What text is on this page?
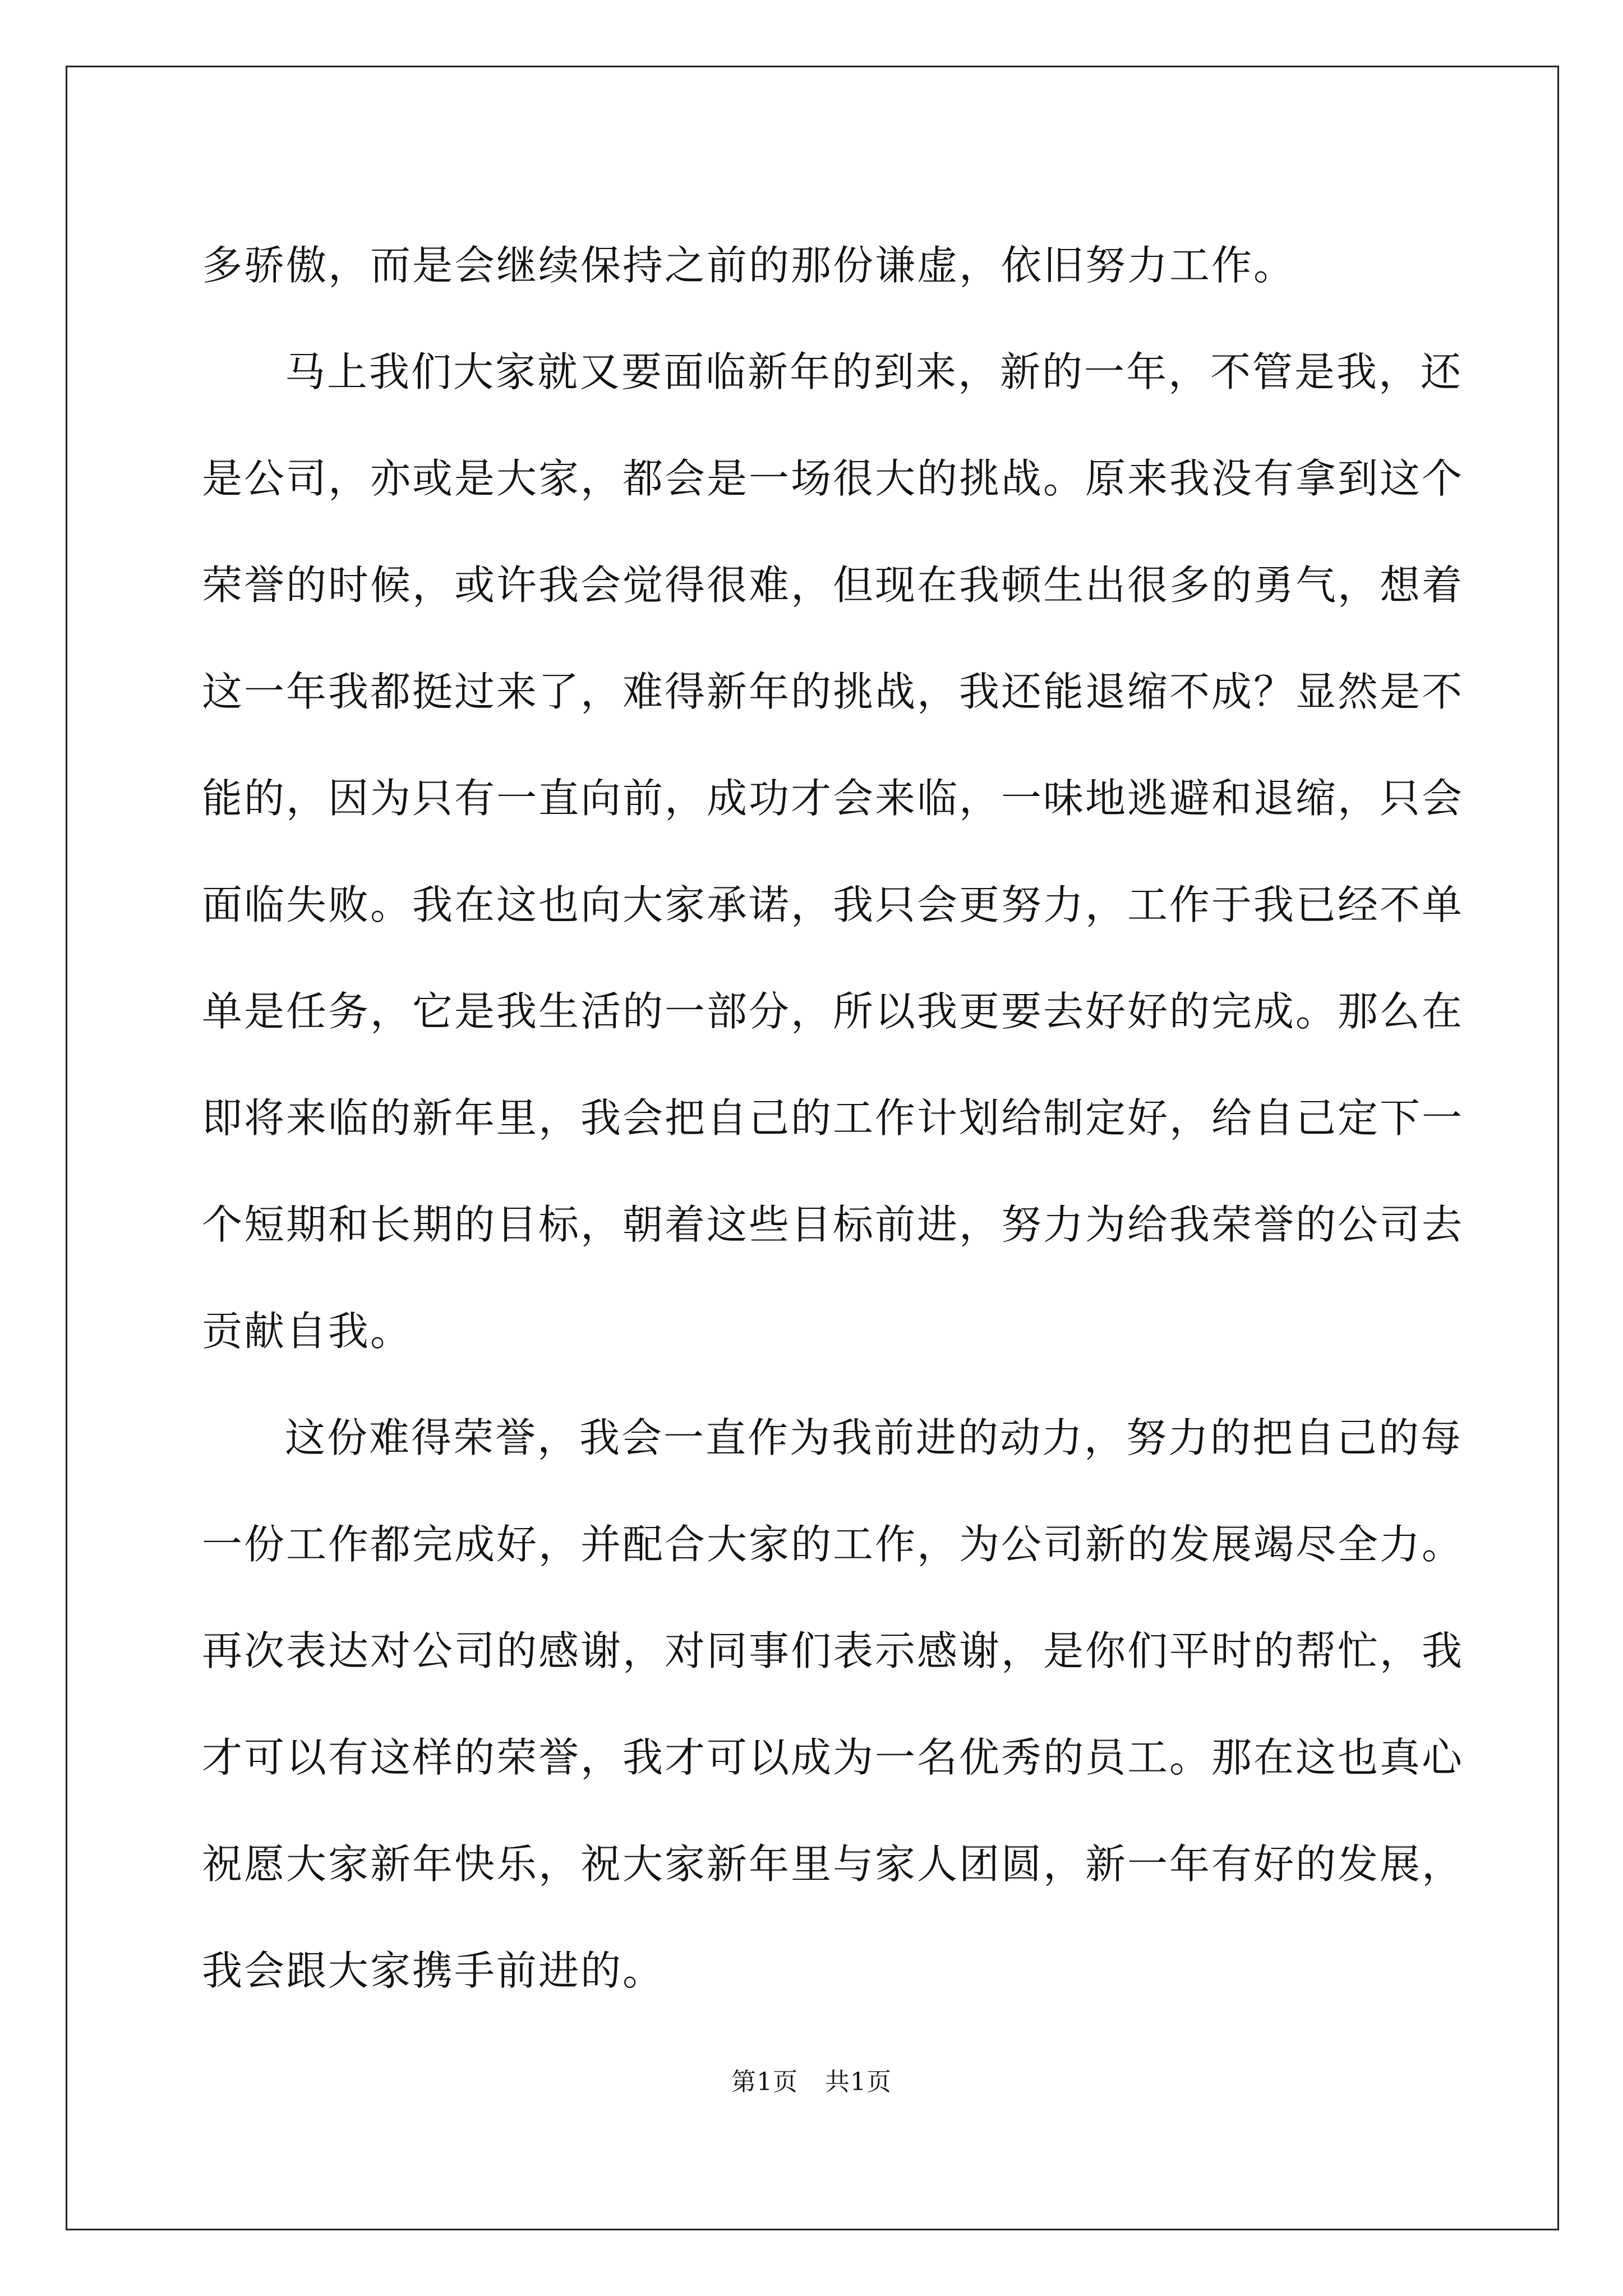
多骄傲，而是会继续保持之前的那份谦虚，依旧努力工作。
马上我们大家就又要面临新年的到来，新的一年，不管是我，还
是公司，亦或是大家，都会是一场很大的挑战。原来我没有拿到这个
荣誉的时候，或许我会觉得很难，但现在我顿生出很多的勇气，想着
这一年我都挺过来了，难得新年的挑战，我还能退缩不成？显然是不
能的，因为只有一直向前，成功才会来临，一味地逃避和退缩，只会
面临失败。我在这也向大家承诺，我只会更努力，工作于我已经不单
单是任务，它是我生活的一部分，所以我更要去好好的完成。那么在
即将来临的新年里，我会把自己的工作计划给制定好，给自己定下一
个短期和长期的目标，朝着这些目标前进，努力为给我荣誉的公司去
贡献自我。
这份难得荣誉，我会一直作为我前进的动力，努力的把自己的每
一份工作都完成好，并配合大家的工作，为公司新的发展竭尽全力。
再次表达对公司的感谢，对同事们表示感谢，是你们平时的帮忙，我
才可以有这样的荣誉，我才可以成为一名优秀的员工。那在这也真心
祝愿大家新年快乐，祝大家新年里与家人团圆，新一年有好的发展，
我会跟大家携手前进的。
第1页 共1页
